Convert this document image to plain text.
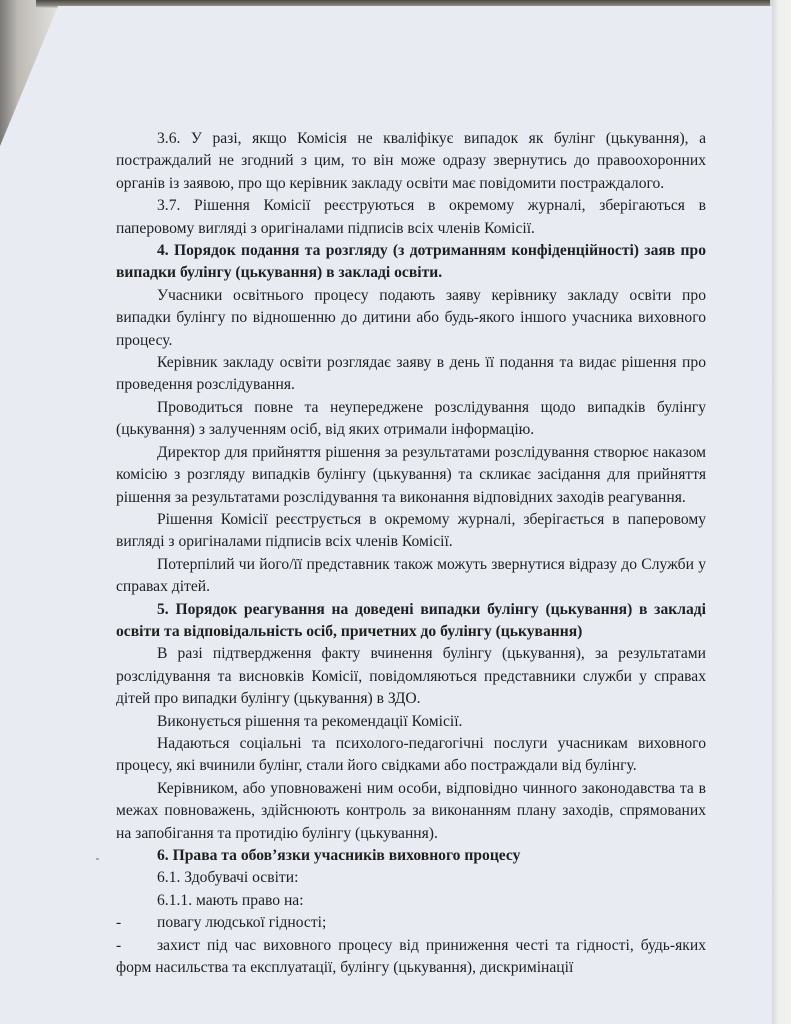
3.6. У разі, якщо Комісія не кваліфікує випадок як булінг (цькування), а постраждалий не згодний з цим, то він може одразу звернутись до правоохоронних органів із заявою, про що керівник закладу освіти має повідомити постраждалого.

3.7. Рішення Комісії реєструються в окремому журналі, зберігаються в паперовому вигляді з оригіналами підписів всіх членів Комісії.

4. Порядок подання та розгляду (з дотриманням конфіденційності) заяв про випадки булінгу (цькування) в закладі освіти.

Учасники освітнього процесу подають заяву керівнику закладу освіти про випадки булінгу по відношенню до дитини або будь-якого іншого учасника виховного процесу.

Керівник закладу освіти розглядає заяву в день її подання та видає рішення про проведення розслідування.

Проводиться повне та неупереджене розслідування щодо випадків булінгу (цькування) з залученням осіб, від яких отримали інформацію.

Директор для прийняття рішення за результатами розслідування створює наказом комісію з розгляду випадків булінгу (цькування) та скликає засідання для прийняття рішення за результатами розслідування та виконання відповідних заходів реагування.

Рішення Комісії реєструється в окремому журналі, зберігається в паперовому вигляді з оригіналами підписів всіх членів Комісії.

Потерпілий чи його/її представник також можуть звернутися відразу до Служби у справах дітей.

5. Порядок реагування на доведені випадки булінгу (цькування) в закладі освіти та відповідальність осіб, причетних до булінгу (цькування)

В разі підтвердження факту вчинення булінгу (цькування), за результатами розслідування та висновків Комісії, повідомляються представники служби у справах дітей про випадки булінгу (цькування) в ЗДО.

Виконується рішення та рекомендації Комісії.

Надаються соціальні та психолого-педагогічні послуги учасникам виховного процесу, які вчинили булінг, стали його свідками або постраждали від булінгу.

Керівником, або уповноважені ним особи, відповідно чинного законодавства та в межах повноважень, здійснюють контроль за виконанням плану заходів, спрямованих на запобігання та протидію булінгу (цькування).

6. Права та обов’язки учасників виховного процесу

6.1. Здобувачі освіти:

6.1.1. мають право на:

- повагу людської гідності;

- захист під час виховного процесу від приниження честі та гідності, будь-яких форм насильства та експлуатації, булінгу (цькування), дискримінації
